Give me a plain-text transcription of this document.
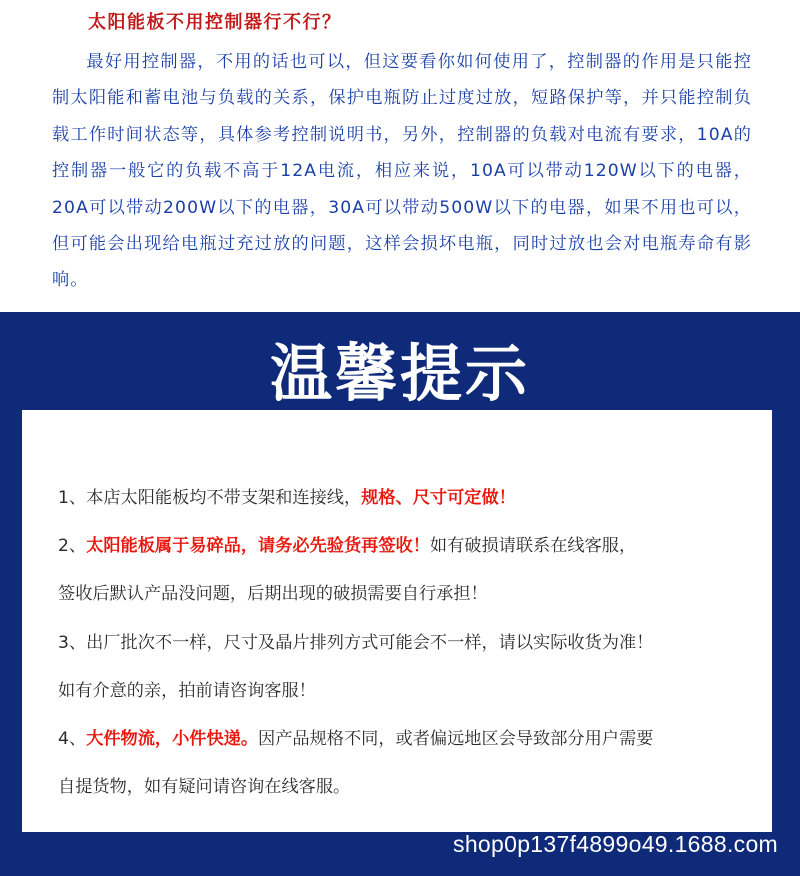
太阳能板不用控制器行不行？

最好用控制器，不用的话也可以，但这要看你如何使用了，控制器的作用是只能控制太阳能和蓄电池与负载的关系，保护电瓶防止过度过放，短路保护等，并只能控制负载工作时间状态等，具体参考控制说明书，另外，控制器的负载对电流有要求，10A的控制器一般它的负载不高于12A电流，相应来说，10A可以带动120W以下的电器，20A可以带动200W以下的电器，30A可以带动500W以下的电器，如果不用也可以，但可能会出现给电瓶过充过放的问题，这样会损坏电瓶，同时过放也会对电瓶寿命有影响。

温馨提示
1、本店太阳能板均不带支架和连接线，规格、尺寸可定做！
2、太阳能板属于易碎品，请务必先验货再签收！如有破损请联系在线客服，
签收后默认产品没问题，后期出现的破损需要自行承担！
3、出厂批次不一样，尺寸及晶片排列方式可能会不一样，请以实际收货为准！
如有介意的亲，拍前请咨询客服！
4、大件物流，小件快递。因产品规格不同，或者偏远地区会导致部分用户需要
自提货物，如有疑问请咨询在线客服。
shop0p137f4899o49.1688.com
